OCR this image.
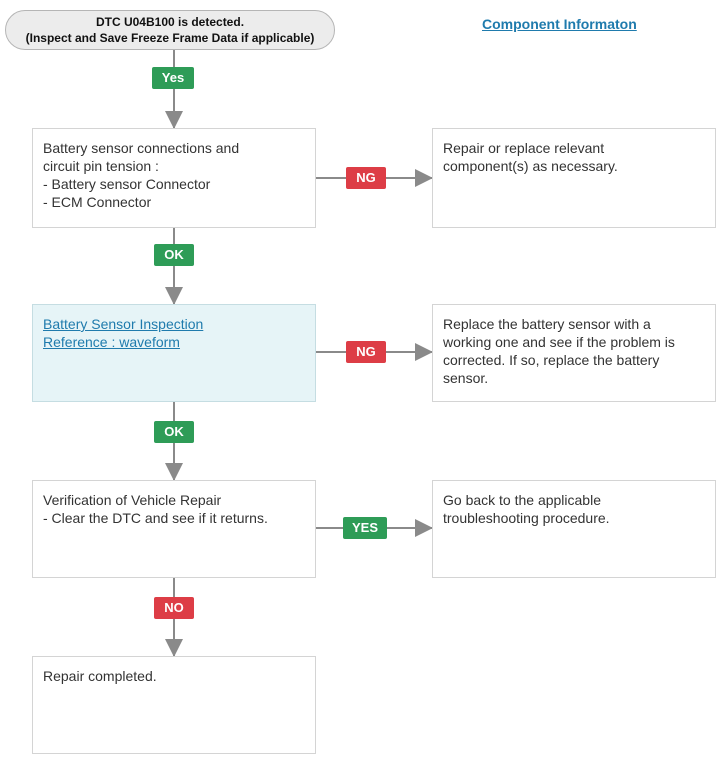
DTC U04B100 is detected.
(Inspect and Save Freeze Frame Data if applicable)
Component Informaton
Battery sensor connections and
circuit pin tension :
- Battery sensor Connector
- ECM Connector
Repair or replace relevant
component(s) as necessary.
Battery Sensor Inspection
Reference : waveform
Replace the battery sensor with a
working one and see if the problem is
corrected. If so, replace the battery
sensor.
Verification of Vehicle Repair
- Clear the DTC and see if it returns.
Go back to the applicable
troubleshooting procedure.
Repair completed.
Yes
OK
OK
NO
NG
NG
YES
